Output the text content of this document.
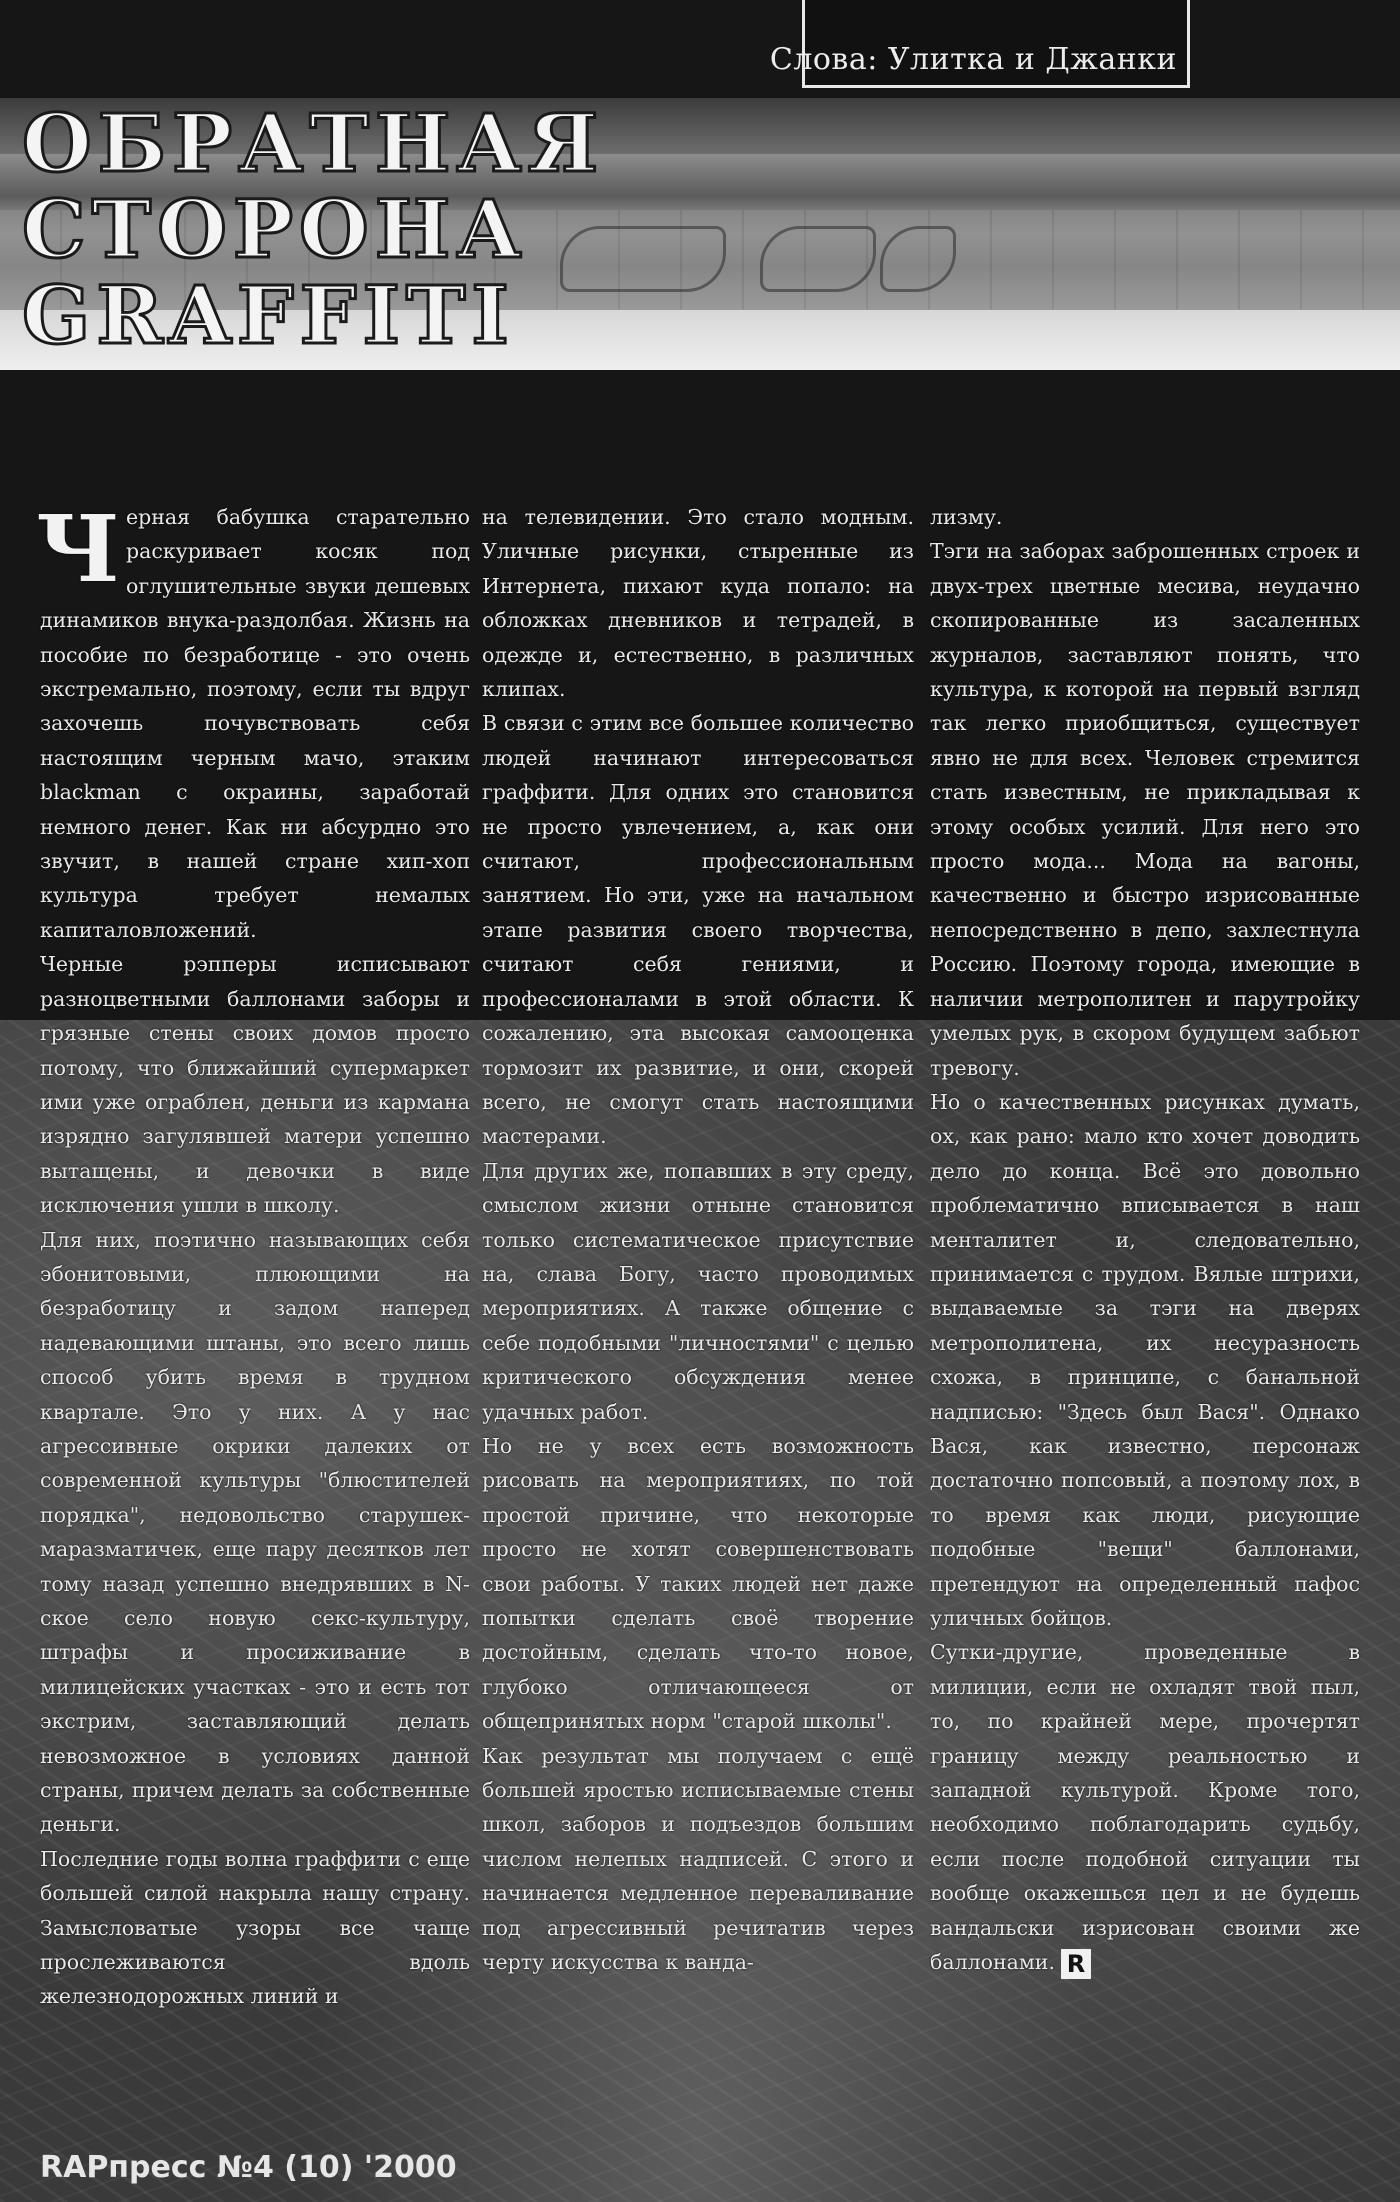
Слова: Улитка и Джанки
ОБРАТНАЯ
СТОРОНА
GRAFFITI
Ч ерная бабушка старательно раскуривает косяк под оглушительные звуки дешевых динамиков внука-раздолбая. Жизнь на пособие по безработице - это очень экстремально, поэтому, если ты вдруг захочешь почувствовать себя настоящим черным мачо, этаким blackman с окраины, заработай немного денег. Как ни абсурдно это звучит, в нашей стране хип-хоп культура требует немалых капиталовложений.

Черные рэпперы исписывают разноцветными баллонами заборы и грязные стены своих домов просто потому, что ближайший супермаркет ими уже ограблен, деньги из кармана изрядно загулявшей матери успешно вытащены, и девочки в виде исключения ушли в школу.

Для них, поэтично называющих себя эбонитовыми, плюющими на безработицу и задом наперед надевающими штаны, это всего лишь способ убить время в трудном квартале. Это у них. А у нас агрессивные окрики далеких от современной культуры "блюстителей порядка", недовольство старушек-маразматичек, еще пару десятков лет тому назад успешно внедрявших в N-ское село новую секс-культуру, штрафы и просиживание в милицейских участках - это и есть тот экстрим, заставляющий делать невозможное в условиях данной страны, причем делать за собственные деньги.

Последние годы волна граффити с еще большей силой накрыла нашу страну. Замысловатые узоры все чаще прослеживаются вдоль железнодорожных линий и

на телевидении. Это стало модным. Уличные рисунки, стыренные из Интернета, пихают куда попало: на обложках дневников и тетрадей, в одежде и, естественно, в различных клипах.

В связи с этим все большее количество людей начинают интересоваться граффити. Для одних это становится не просто увлечением, а, как они считают, профессиональным занятием. Но эти, уже на начальном этапе развития своего творчества, считают себя гениями, и профессионалами в этой области. К сожалению, эта высокая самооценка тормозит их развитие, и они, скорей всего, не смогут стать настоящими мастерами.

Для других же, попавших в эту среду, смыслом жизни отныне становится только систематическое присутствие на, слава Богу, часто проводимых мероприятиях. А также общение с себе подобными "личностями" с целью критического обсуждения менее удачных работ.

Но не у всех есть возможность рисовать на мероприятиях, по той простой причине, что некоторые просто не хотят совершенствовать свои работы. У таких людей нет даже попытки сделать своё творение достойным, сделать что-то новое, глубоко отличающееся от общепринятых норм "старой школы".

Как результат мы получаем с ещё большей яростью исписываемые стены школ, заборов и подъездов большим числом нелепых надписей. С этого и начинается медленное переваливание под агрессивный речитатив через черту искусства к ванда-

лизму.

Тэги на заборах заброшенных строек и двух-трех цветные месива, неудачно скопированные из засаленных журналов, заставляют понять, что культура, к которой на первый взгляд так легко приобщиться, существует явно не для всех. Человек стремится стать известным, не прикладывая к этому особых усилий. Для него это просто мода... Мода на вагоны, качественно и быстро изрисованные непосредственно в депо, захлестнула Россию. Поэтому города, имеющие в наличии метрополитен и парутройку умелых рук, в скором будущем забьют тревогу.

Но о качественных рисунках думать, ох, как рано: мало кто хочет доводить дело до конца. Всё это довольно проблематично вписывается в наш менталитет и, следовательно, принимается с трудом. Вялые штрихи, выдаваемые за тэги на дверях метрополитена, их несуразность схожа, в принципе, с банальной надписью: "Здесь был Вася". Однако Вася, как известно, персонаж достаточно попсовый, а поэтому лох, в то время как люди, рисующие подобные "вещи" баллонами, претендуют на определенный пафос уличных бойцов.

Сутки-другие, проведенные в милиции, если не охладят твой пыл, то, по крайней мере, прочертят границу между реальностью и западной культурой. Кроме того, необходимо поблагодарить судьбу, если после подобной ситуации ты вообще окажешься цел и не будешь вандальски изрисован своими же баллонами. R

RAPпресс №4 (10) '2000
